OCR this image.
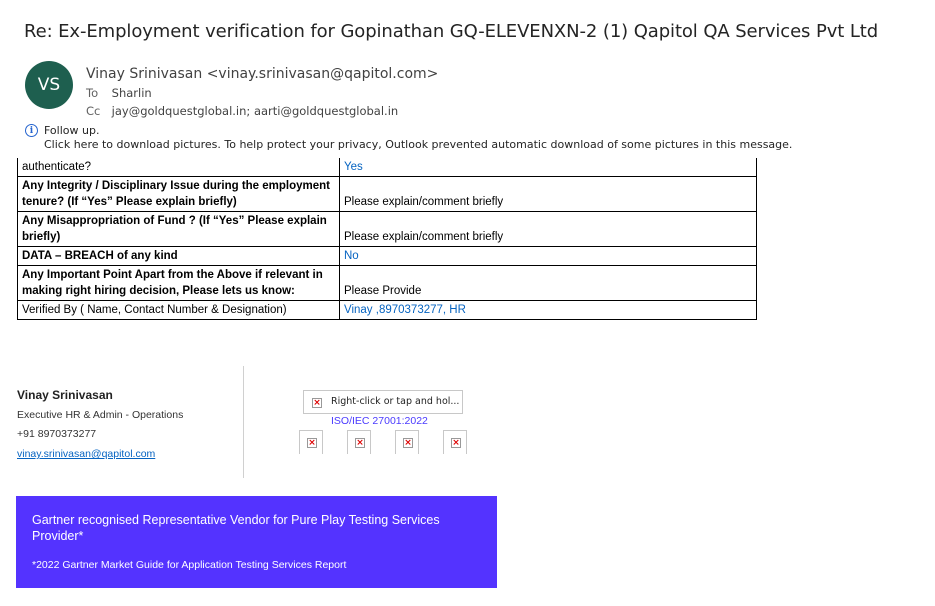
Re: Ex-Employment verification for Gopinathan GQ-ELEVENXN-2 (1) Qapitol QA Services Pvt Ltd
VS
Vinay Srinivasan <vinay.srinivasan@qapitol.com>
To Sharlin
Cc jay@goldquestglobal.in; aarti@goldquestglobal.in
i Follow up.
Click here to download pictures. To help protect your privacy, Outlook prevented automatic download of some pictures in this message.
authenticate?	Yes
Any Integrity / Disciplinary Issue during the employment tenure? (If “Yes” Please explain briefly)	Please explain/comment briefly
Any Misappropriation of Fund ? (If “Yes” Please explain briefly)	Please explain/comment briefly
DATA – BREACH of any kind	No
Any Important Point Apart from the Above if relevant in making right hiring decision, Please lets us know:	Please Provide
Verified By ( Name, Contact Number & Designation)	Vinay ,8970373277, HR
Vinay Srinivasan
Executive HR & Admin - Operations
+91 8970373277
vinay.srinivasan@qapitol.com
× Right-click or tap and hol...
ISO/IEC 27001:2022
×	×	×	×
Gartner recognised Representative Vendor for Pure Play Testing Services Provider*
*2022 Gartner Market Guide for Application Testing Services Report
